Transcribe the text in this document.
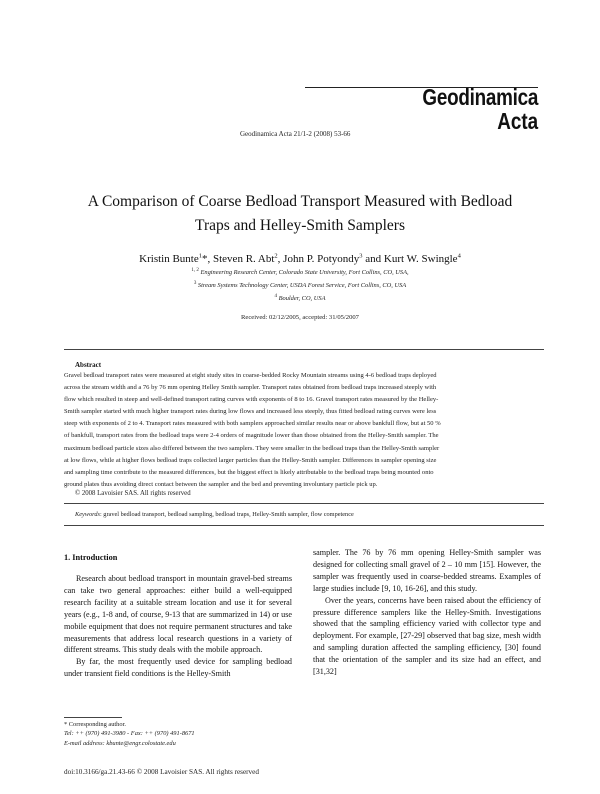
Geodinamica
Acta
Geodinamica Acta 21/1-2 (2008) 53-66
A Comparison of Coarse Bedload Transport Measured with Bedload
Traps and Helley-Smith Samplers
Kristin Bunte$^1$*, Steven R. Abt$^2$, John P. Potyondy$^3$ and Kurt W. Swingle$^4$
$^{1, 2}$ Engineering Research Center, Colorado State University, Fort Collins, CO, USA,
$^3$ Stream Systems Technology Center, USDA Forest Service, Fort Collins, CO, USA
$^4$ Boulder, CO, USA
Received: 02/12/2005, accepted: 31/05/2007
Abstract
Gravel bedload transport rates were measured at eight study sites in coarse-bedded Rocky Mountain streams using 4-6 bedload traps deployed
across the stream width and a 76 by 76 mm opening Helley Smith sampler. Transport rates obtained from bedload traps increased steeply with
flow which resulted in steep and well-defined transport rating curves with exponents of 8 to 16. Gravel transport rates measured by the Helley-
Smith sampler started with much higher transport rates during low flows and increased less steeply, thus fitted bedload rating curves were less
steep with exponents of 2 to 4. Transport rates measured with both samplers approached similar results near or above bankfull flow, but at 50 %
of bankfull, transport rates from the bedload traps were 2-4 orders of magnitude lower than those obtained from the Helley-Smith sampler. The
maximum bedload particle sizes also differed between the two samplers. They were smaller in the bedload traps than the Helley-Smith sampler
at low flows, while at higher flows bedload traps collected larger particles than the Helley-Smith sampler. Differences in sampler opening size
and sampling time contribute to the measured differences, but the biggest effect is likely attributable to the bedload traps being mounted onto
ground plates thus avoiding direct contact between the sampler and the bed and preventing involuntary particle pick up.
© 2008 Lavoisier SAS. All rights reserved
Keywords: gravel bedload transport, bedload sampling, bedload traps, Helley-Smith sampler, flow competence
1. Introduction

Research about bedload transport in mountain gravel-bed streams can take two general approaches: either build a well-equipped research facility at a suitable stream location and use it for several years (e.g., 1-8 and, of course, 9-13 that are summarized in 14) or use mobile equipment that does not require permanent structures and take measurements that address local research questions in a variety of different streams. This study deals with the mobile approach.

By far, the most frequently used device for sampling bedload under transient field conditions is the Helley-Smith

sampler. The 76 by 76 mm opening Helley-Smith sampler was designed for collecting small gravel of 2 – 10 mm [15]. However, the sampler was frequently used in coarse-bedded streams. Examples of large studies include [9, 10, 16-26], and this study.

Over the years, concerns have been raised about the efficiency of pressure difference samplers like the Helley-Smith. Investigations showed that the sampling efficiency varied with collector type and deployment. For example, [27-29] observed that bag size, mesh width and sampling duration affected the sampling efficiency, [30] found that the orientation of the sampler and its size had an effect, and [31,32]

* Corresponding author.
Tel: ++ (970) 491-3980 - Fax: ++ (970) 491-8671
E-mail address: kbunte@engr.colostate.edu
doi:10.3166/ga.21.43-66 © 2008 Lavoisier SAS. All rights reserved
